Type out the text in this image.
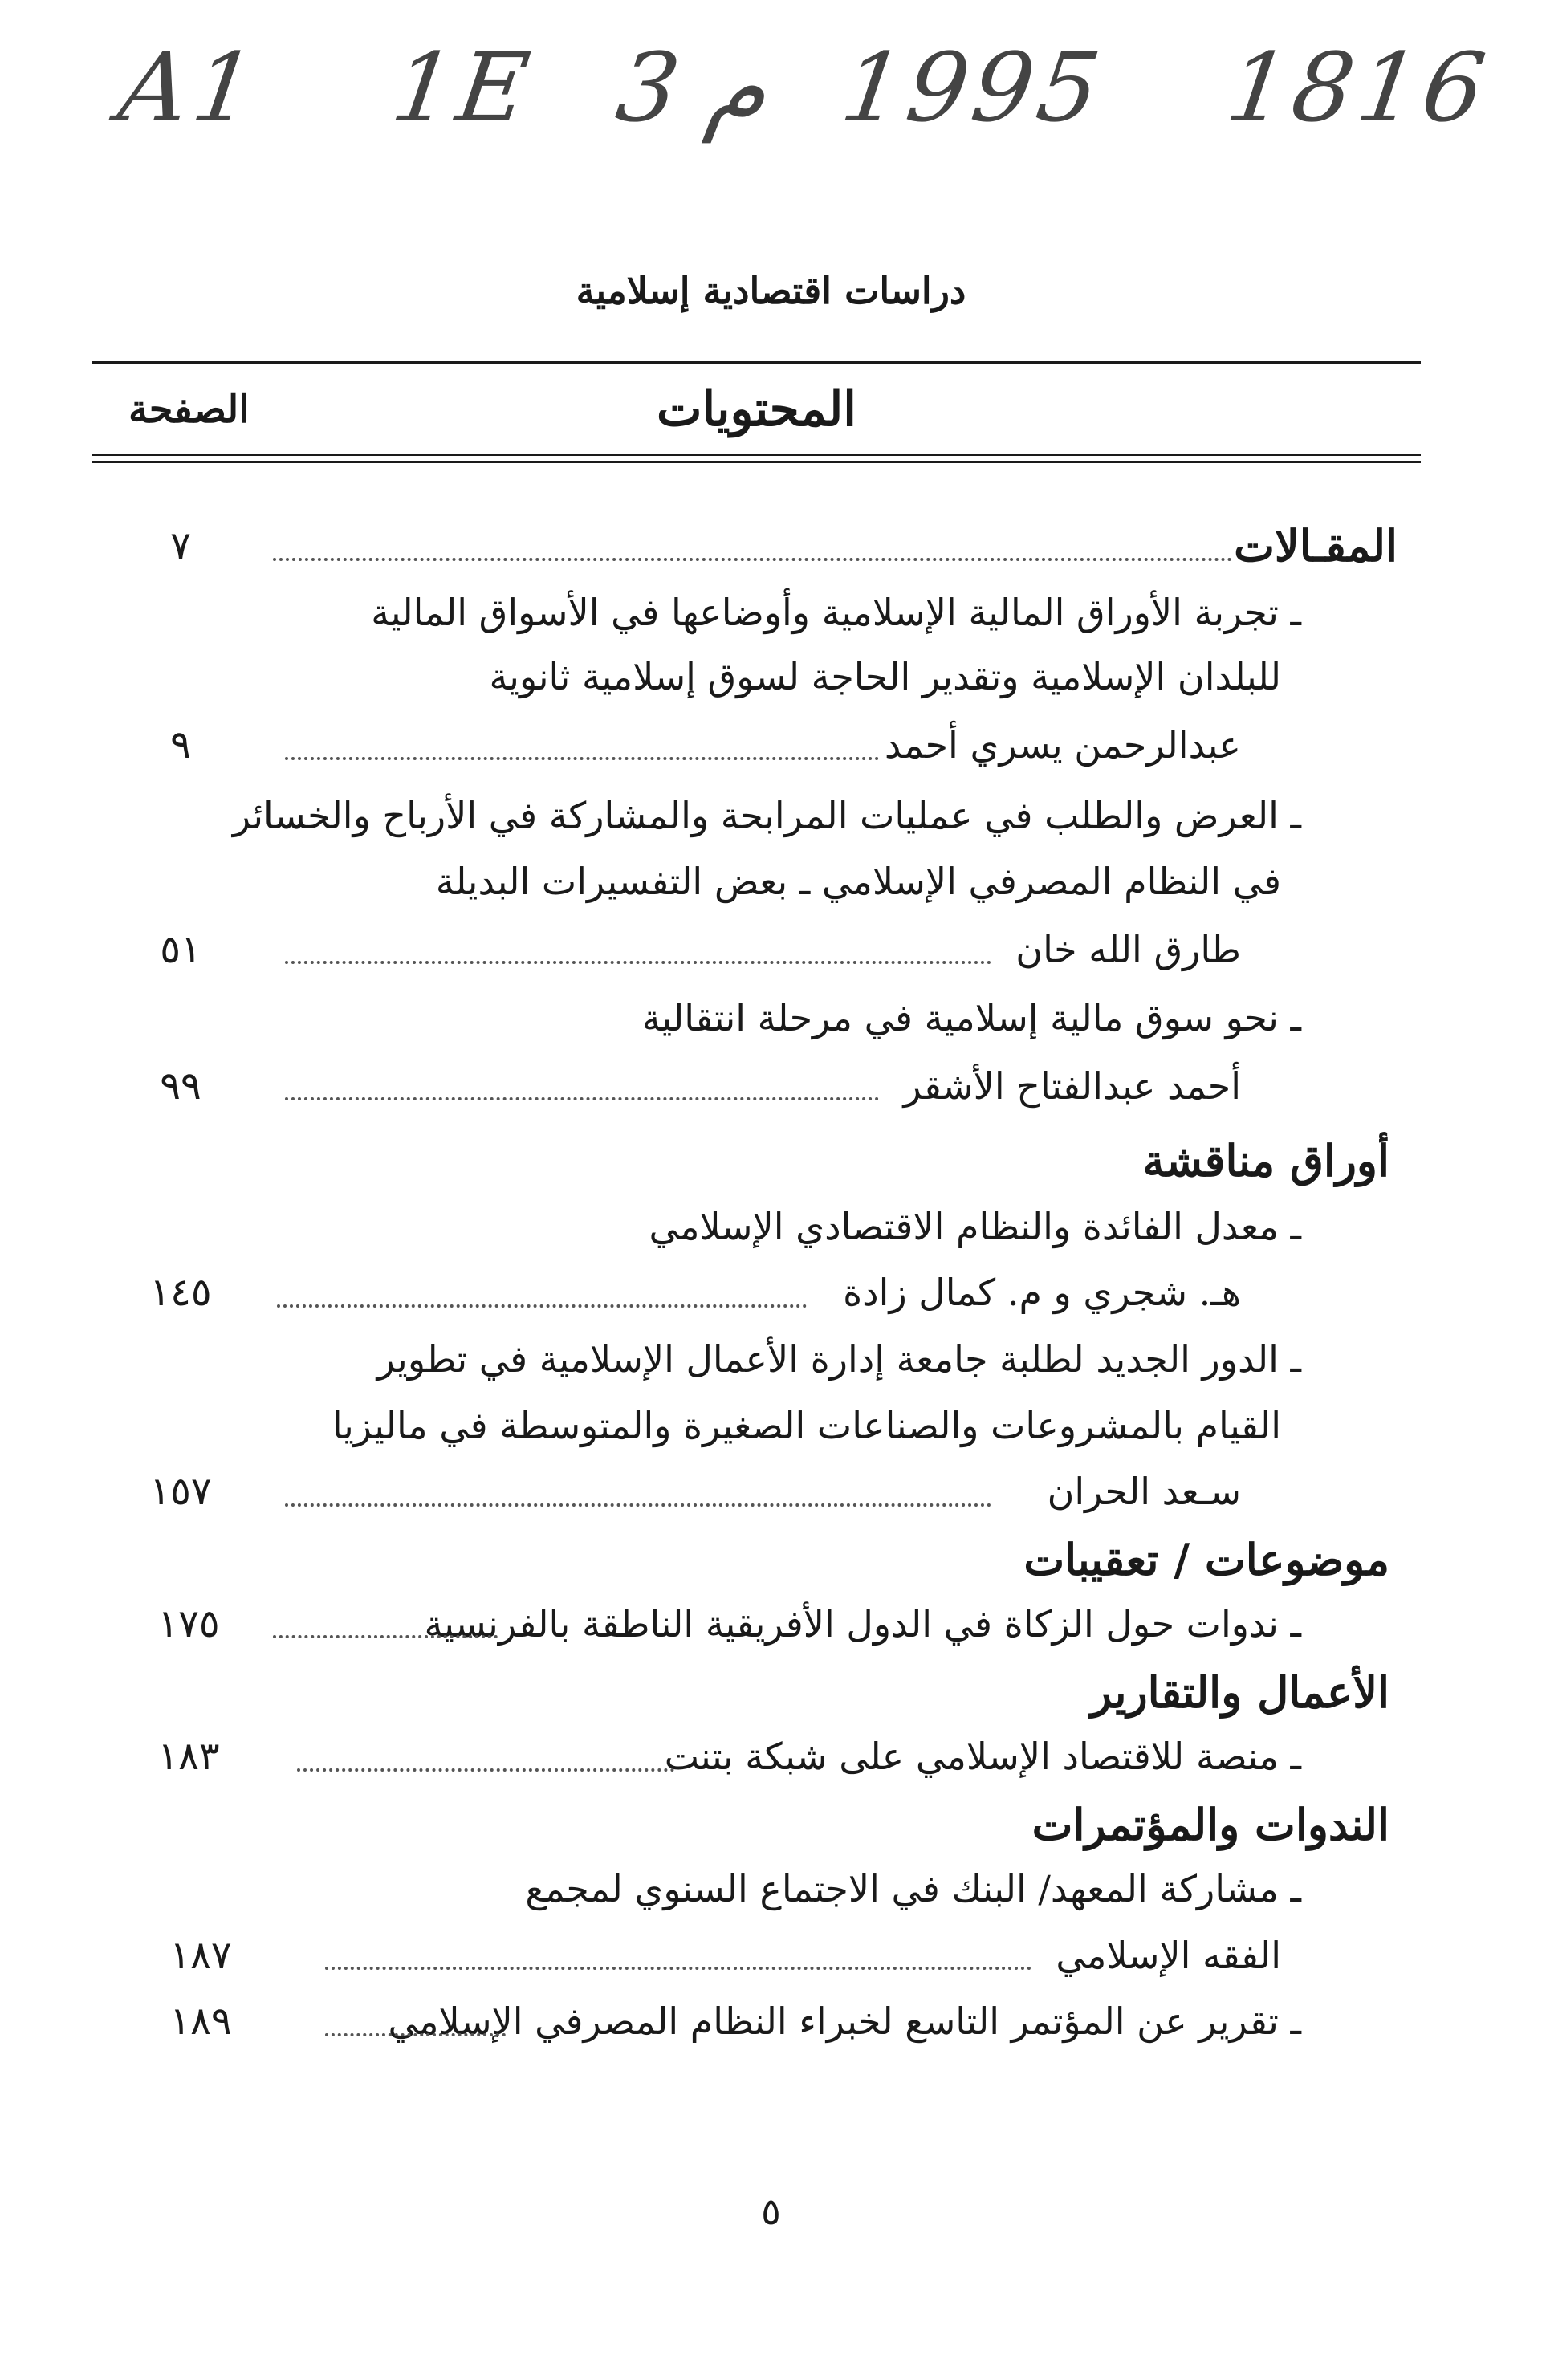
A1 1E 3 م 1995 1816
دراسات اقتصادية إسلامية
المحتويات
الصفحة
المقـالات
٧
ـ تجربة الأوراق المالية الإسلامية وأوضاعها في الأسواق المالية
للبلدان الإسلامية وتقدير الحاجة لسوق إسلامية ثانوية
عبدالرحمن يسري أحمد
٩
ـ العرض والطلب في عمليات المرابحة والمشاركة في الأرباح والخسائر
في النظام المصرفي الإسلامي ـ بعض التفسيرات البديلة
طارق الله خان
٥١
ـ نحو سوق مالية إسلامية في مرحلة انتقالية
أحمد عبدالفتاح الأشقر
٩٩
أوراق مناقشة
ـ معدل الفائدة والنظام الاقتصادي الإسلامي
هـ. شجري و م. كمال زادة
١٤٥
ـ الدور الجديد لطلبة جامعة إدارة الأعمال الإسلامية في تطوير
القيام بالمشروعات والصناعات الصغيرة والمتوسطة في ماليزيا
سـعد الحران
١٥٧
موضوعات / تعقيبات
ـ ندوات حول الزكاة في الدول الأفريقية الناطقة بالفرنسية
١٧٥
الأعمال والتقارير
ـ منصة للاقتصاد الإسلامي على شبكة بتنت
١٨٣
الندوات والمؤتمرات
ـ مشاركة المعهد/ البنك في الاجتماع السنوي لمجمع
الفقه الإسلامي
١٨٧
ـ تقرير عن المؤتمر التاسع لخبراء النظام المصرفي الإسلامي
١٨٩
٥
